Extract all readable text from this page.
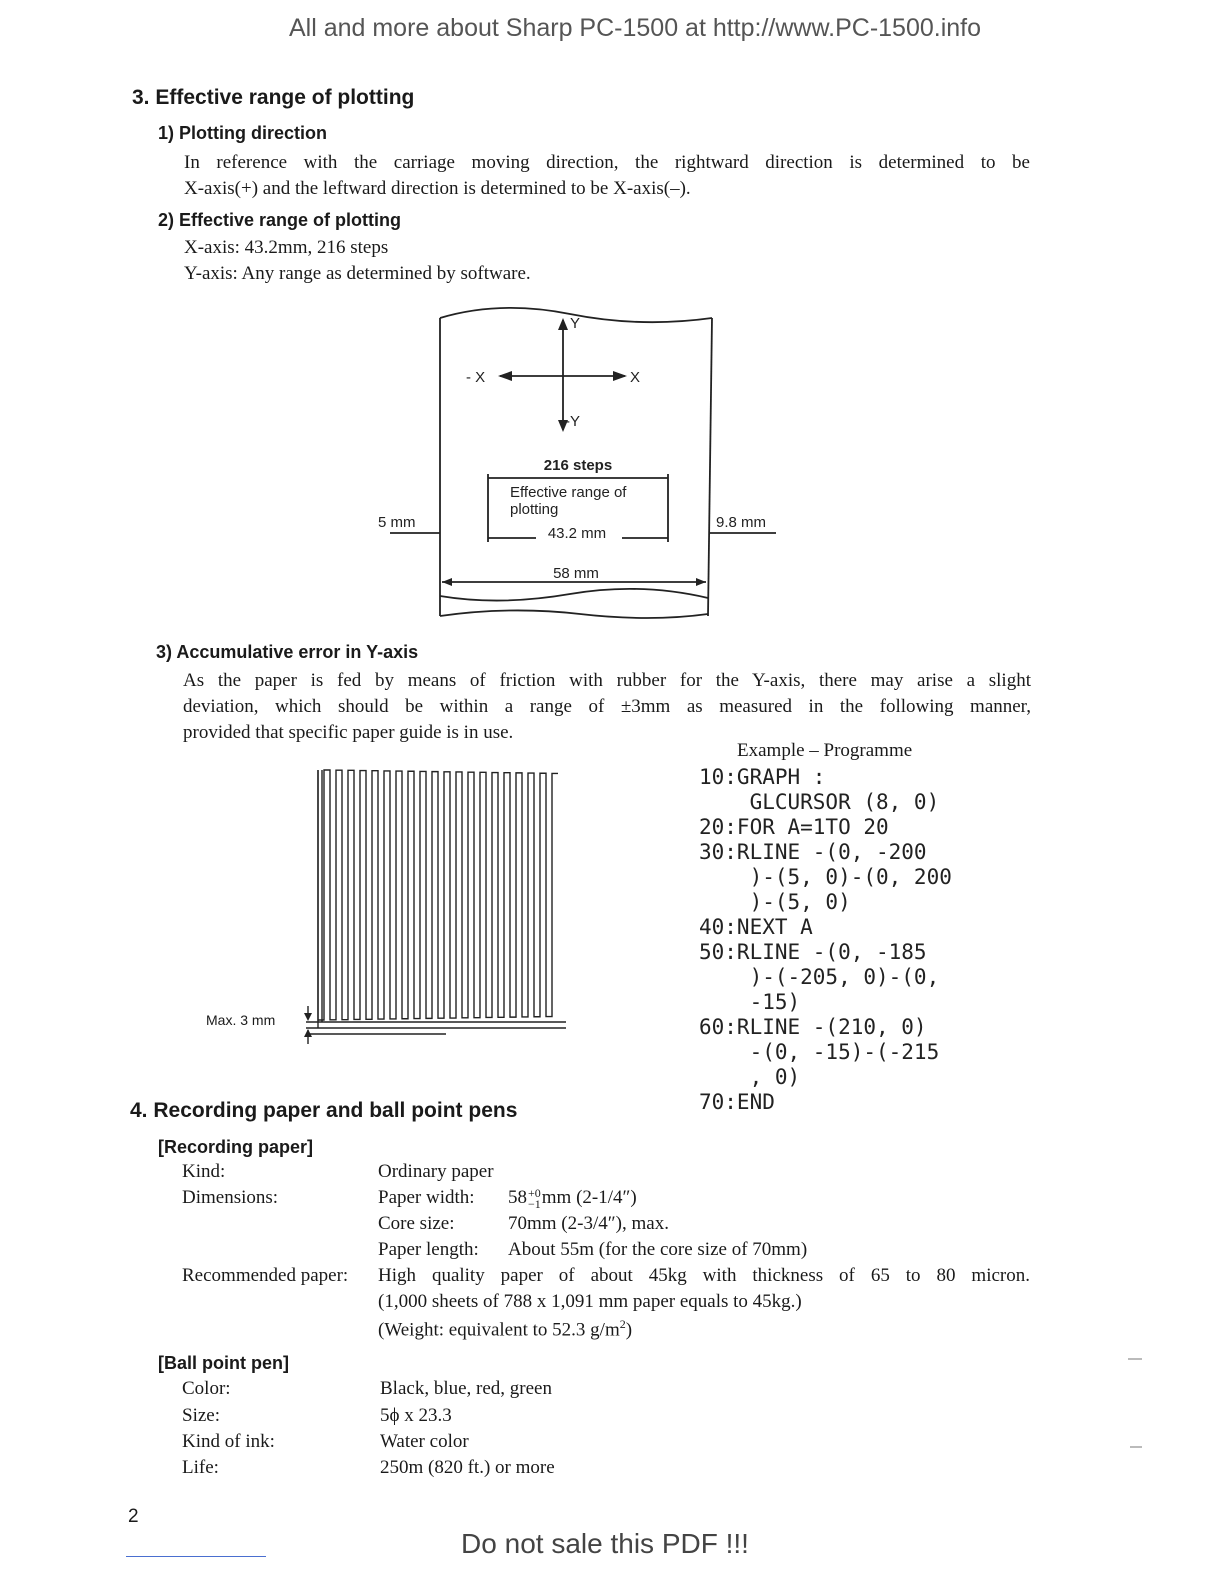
All and more about Sharp PC-1500 at http://www.PC-1500.info
3. Effective range of plotting
1) Plotting direction
In reference with the carriage moving direction, the rightward direction is determined to be
X-axis(+) and the leftward direction is determined to be X-axis(–).
2) Effective range of plotting
X-axis: 43.2mm, 216 steps
Y-axis: Any range as determined by software.
Y
-Y
- X	X
216 steps
Effective range of
plotting
43.2 mm
5 mm	9.8 mm
58 mm
3) Accumulative error in Y-axis
As the paper is fed by means of friction with rubber for the Y-axis, there may arise a slight
deviation, which should be within a range of ±3mm as measured in the following manner,
provided that specific paper guide is in use.
Max. 3 mm
Example – Programme
10:GRAPH :
GLCURSOR (8, 0)
20:FOR A=1TO 20
30:RLINE -(0, -200
)-(5, 0)-(0, 200
)-(5, 0)
40:NEXT A
50:RLINE -(0, -185
)-(-205, 0)-(0,
-15)
60:RLINE -(210, 0)
-(0, -15)-(-215
, 0)
70:END
4. Recording paper and ball point pens
[Recording paper]
Kind:	Ordinary paper
Dimensions:	Paper width: 58 +0
−1 mm (2-1/4″)
Core size:	70mm (2-3/4″), max.
Paper length: About 55m (for the core size of 70mm)
Recommended paper: High quality paper of about 45kg with thickness of 65 to 80 micron.
(1,000 sheets of 788 x 1,091 mm paper equals to 45kg.)
(Weight: equivalent to 52.3 $g/m^2$)
[Ball point pen]
Color:	Black, blue, red, green
Size:	5ϕ x 23.3
Kind of ink:	Water color
Life:	250m (820 ft.) or more
2
Do not sale this PDF !!!
